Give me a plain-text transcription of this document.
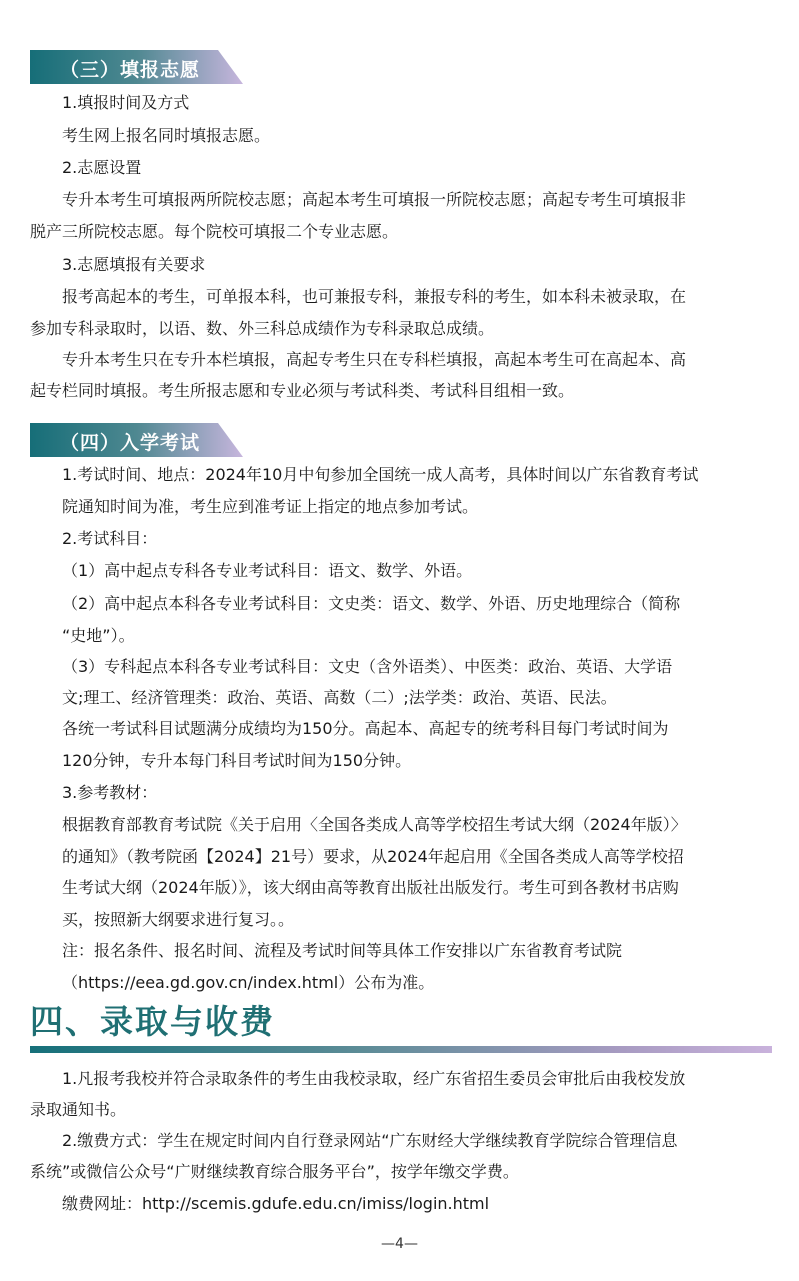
（三）填报志愿
1.填报时间及方式
考生网上报名同时填报志愿。
2.志愿设置
专升本考生可填报两所院校志愿；高起本考生可填报一所院校志愿；高起专考生可填报非
脱产三所院校志愿。每个院校可填报二个专业志愿。
3.志愿填报有关要求
报考高起本的考生，可单报本科，也可兼报专科，兼报专科的考生，如本科未被录取，在
参加专科录取时，以语、数、外三科总成绩作为专科录取总成绩。
专升本考生只在专升本栏填报，高起专考生只在专科栏填报，高起本考生可在高起本、高
起专栏同时填报。考生所报志愿和专业必须与考试科类、考试科目组相一致。
（四）入学考试
1.考试时间、地点：2024年10月中旬参加全国统一成人高考，具体时间以广东省教育考试
院通知时间为准，考生应到准考证上指定的地点参加考试。
2.考试科目：
（1）高中起点专科各专业考试科目：语文、数学、外语。
（2）高中起点本科各专业考试科目：文史类：语文、数学、外语、历史地理综合（简称
“史地”）。
（3）专科起点本科各专业考试科目：文史（含外语类）、中医类：政治、英语、大学语
文;理工、经济管理类：政治、英语、高数（二）;法学类：政治、英语、民法。
各统一考试科目试题满分成绩均为150分。高起本、高起专的统考科目每门考试时间为
120分钟，专升本每门科目考试时间为150分钟。
3.参考教材：
根据教育部教育考试院《关于启用〈全国各类成人高等学校招生考试大纲（2024年版）〉
的通知》（教考院函【2024】21号）要求，从2024年起启用《全国各类成人高等学校招
生考试大纲（2024年版）》，该大纲由高等教育出版社出版发行。考生可到各教材书店购
买，按照新大纲要求进行复习。。
注：报名条件、报名时间、流程及考试时间等具体工作安排以广东省教育考试院
（https://eea.gd.gov.cn/index.html）公布为准。
四、录取与收费
1.凡报考我校并符合录取条件的考生由我校录取，经广东省招生委员会审批后由我校发放
录取通知书。
2.缴费方式：学生在规定时间内自行登录网站“广东财经大学继续教育学院综合管理信息
系统”或微信公众号“广财继续教育综合服务平台”，按学年缴交学费。
缴费网址：http://scemis.gdufe.edu.cn/imiss/login.html
—4—
